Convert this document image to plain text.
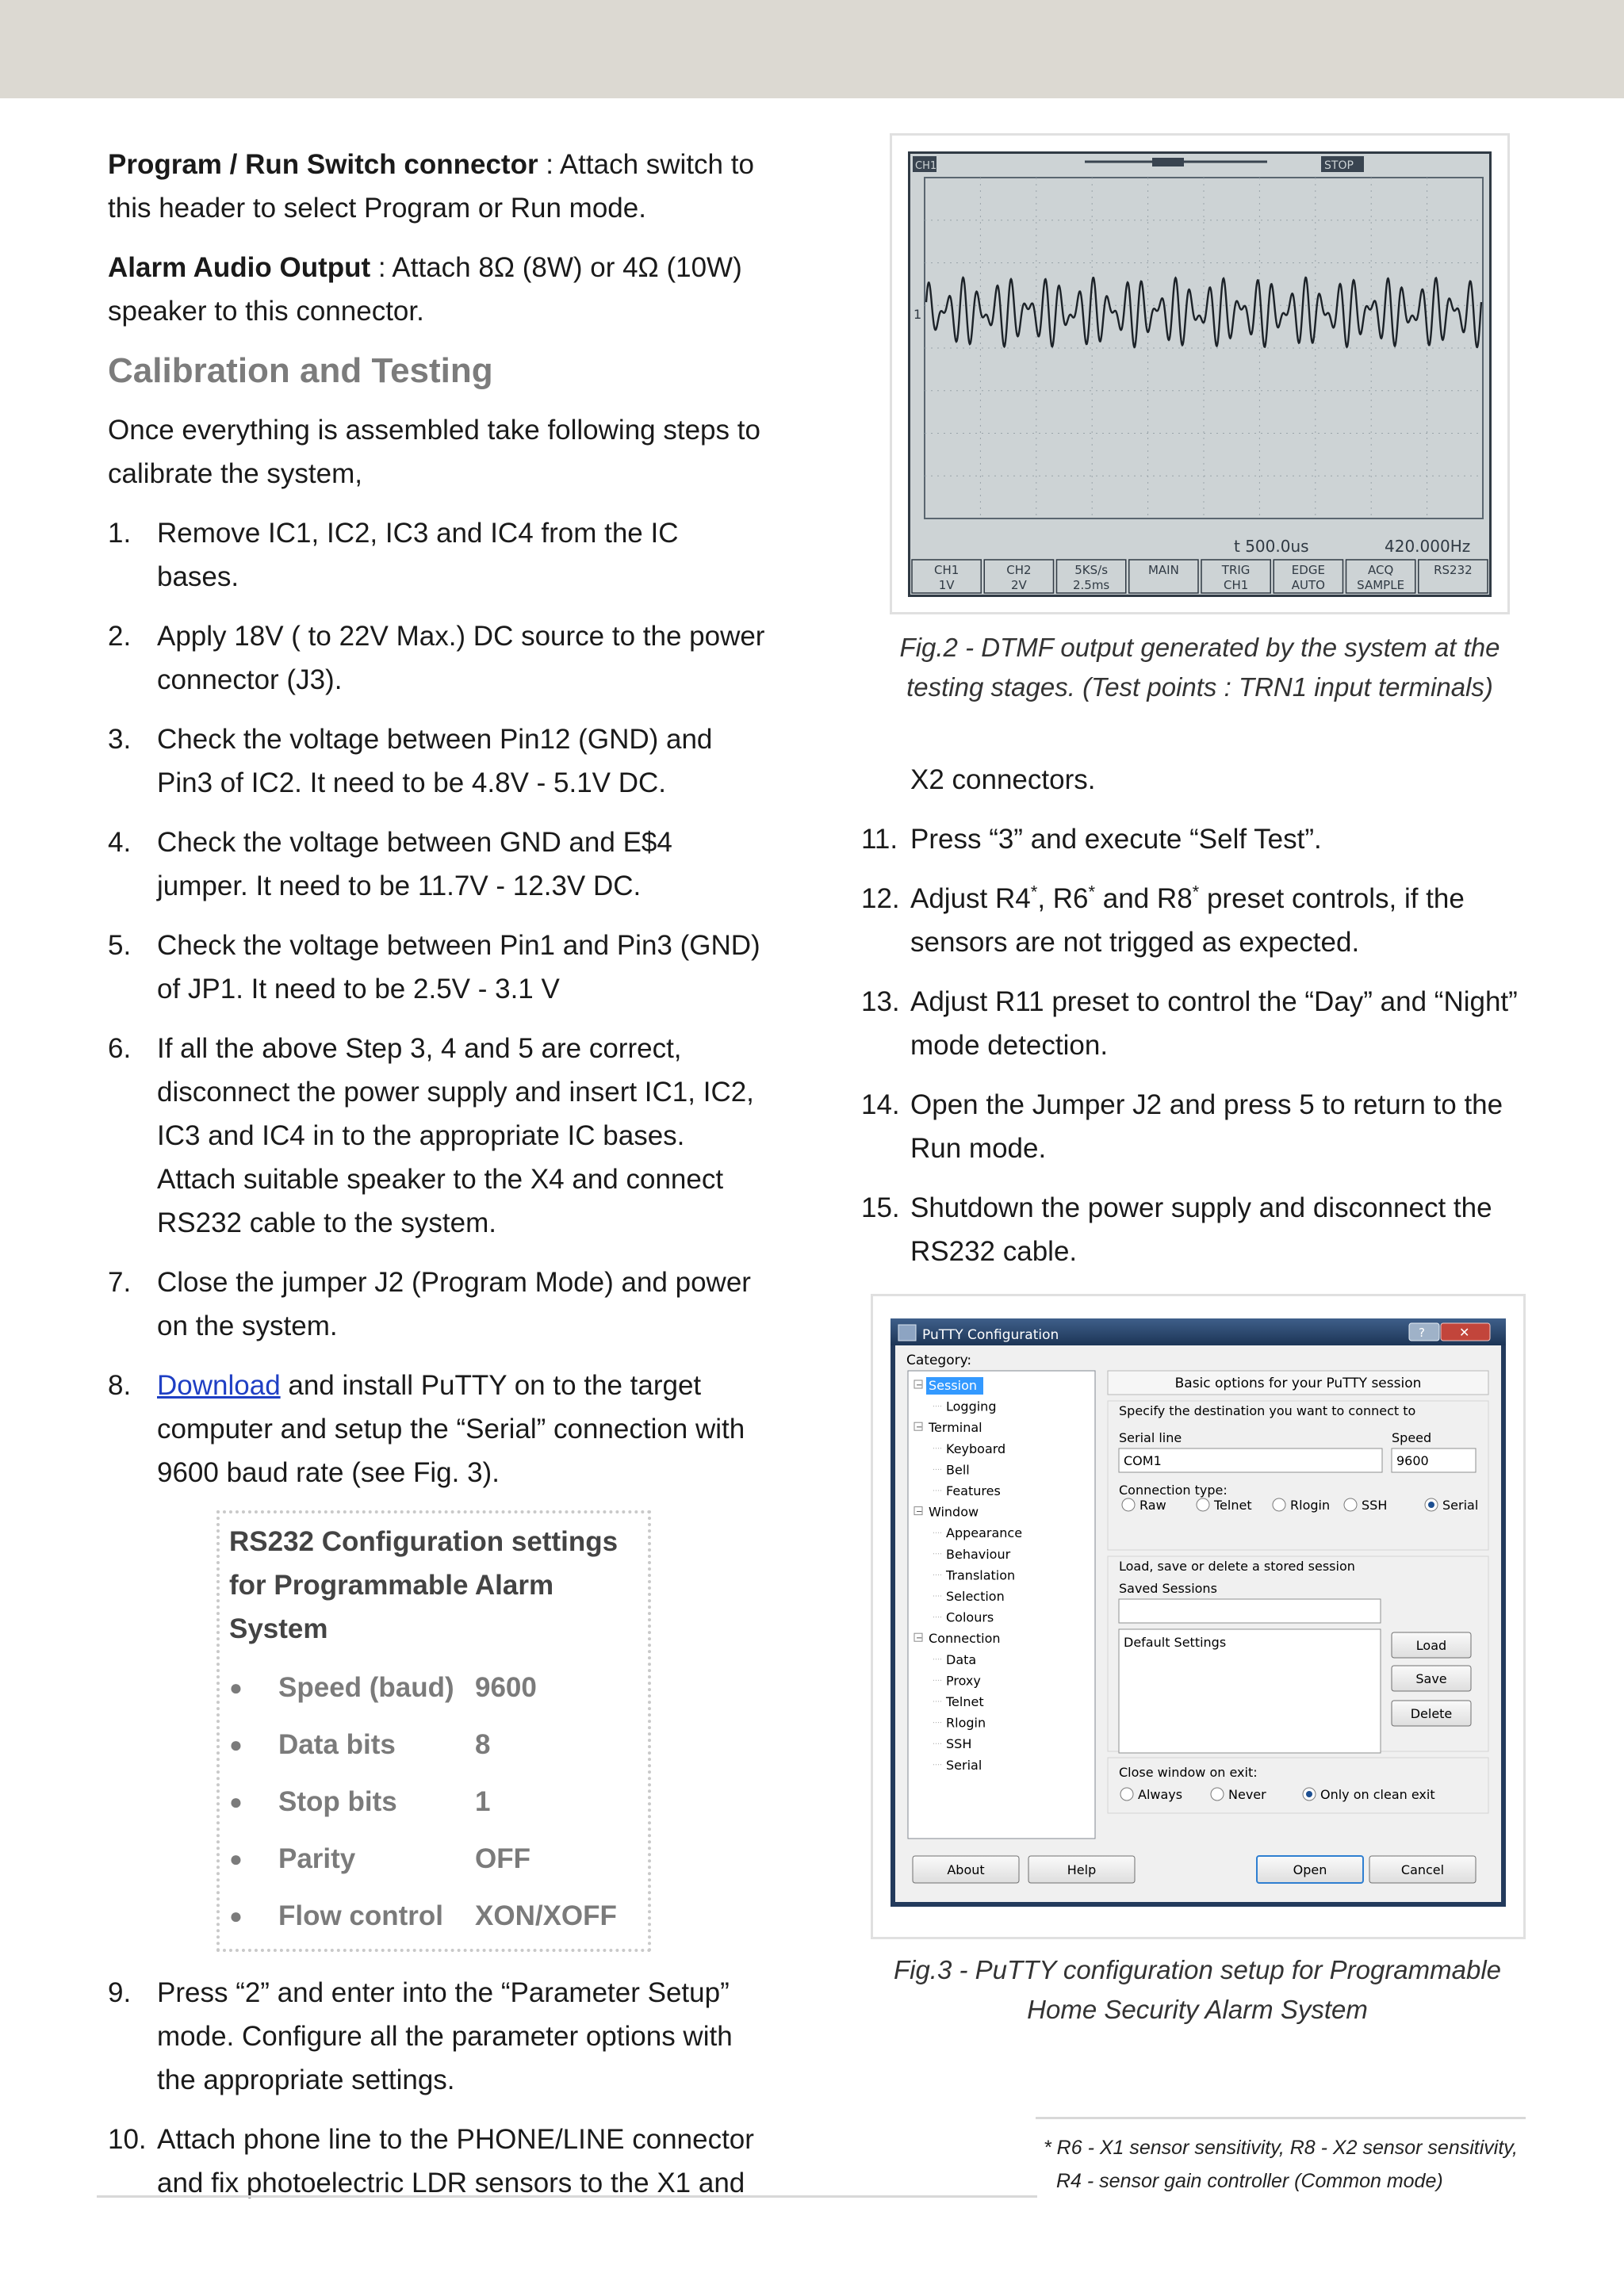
Program / Run Switch connector : Attach switch to this header to select Program or Run mode.

Alarm Audio Output : Attach 8Ω (8W) or 4Ω (10W) speaker to this connector.

Calibration and Testing

Once everything is assembled take following steps to calibrate the system,

1. Remove IC1, IC2, IC3 and IC4 from the IC bases.
2. Apply 18V ( to 22V Max.) DC source to the power connector (J3).
3. Check the voltage between Pin12 (GND) and Pin3 of IC2. It need to be 4.8V - 5.1V DC.
4. Check the voltage between GND and E$4 jumper. It need to be 11.7V - 12.3V DC.
5. Check the voltage between Pin1 and Pin3 (GND) of JP1. It need to be 2.5V - 3.1 V
6. If all the above Step 3, 4 and 5 are correct, disconnect the power supply and insert IC1, IC2, IC3 and IC4 in to the appropriate IC bases. Attach suitable speaker to the X4 and connect RS232 cable to the system.
7. Close the jumper J2 (Program Mode) and power on the system.
8. Download and install PuTTY on to the target computer and setup the “Serial” connection with 9600 baud rate (see Fig. 3).
RS232 Configuration settings for Programmable Alarm System
●	Speed (baud) 9600
●	Data bits	8
●	Stop bits	1
●	Parity	OFF
●	Flow control	XON/XOFF
9. Press “2” and enter into the “Parameter Setup” mode. Configure all the parameter options with the appropriate settings.
10. Attach phone line to the PHONE/LINE connector and fix photoelectric LDR sensors to the X1 and
CH1	STOP
1
t 500.0us	420.000Hz
CH1
1V
CH2
2V
5KS/s
2.5ms
MAIN	TRIG
CH1
EDGE
AUTO
ACQ
SAMPLE
RS232
Fig.2 - DTMF output generated by the system at the testing stages. (Test points : TRN1 input terminals)

X2 connectors.

11. Press “3” and execute “Self Test”.
12. Adjust R4*, R6* and R8* preset controls, if the sensors are not trigged as expected.
13. Adjust R11 preset to control the “Day” and “Night” mode detection.
14. Open the Jumper J2 and press 5 to return to the Run mode.
15. Shutdown the power supply and disconnect the RS232 cable.
PuTTY Configuration	?	✕
Category:
− Session
Logging
− Terminal
Keyboard
Bell
Features
− Window
Appearance
Behaviour
Translation
Selection
Colours
− Connection
Data
Proxy
Telnet
Rlogin
SSH
Serial
Basic options for your PuTTY session
Specify the destination you want to connect to
Serial line	Speed
COM1	9600
Connection type:
Raw	Telnet	Rlogin SSH	Serial
Load, save or delete a stored session
Saved Sessions
Default Settings	Load
Save
Delete
Close window on exit:
Always	Never	Only on clean exit
About	Help	Open	Cancel
Fig.3 - PuTTY configuration setup for Programmable Home Security Alarm System
* R6 - X1 sensor sensitivity, R8 - X2 sensor sensitivity,
R4 - sensor gain controller (Common mode)
